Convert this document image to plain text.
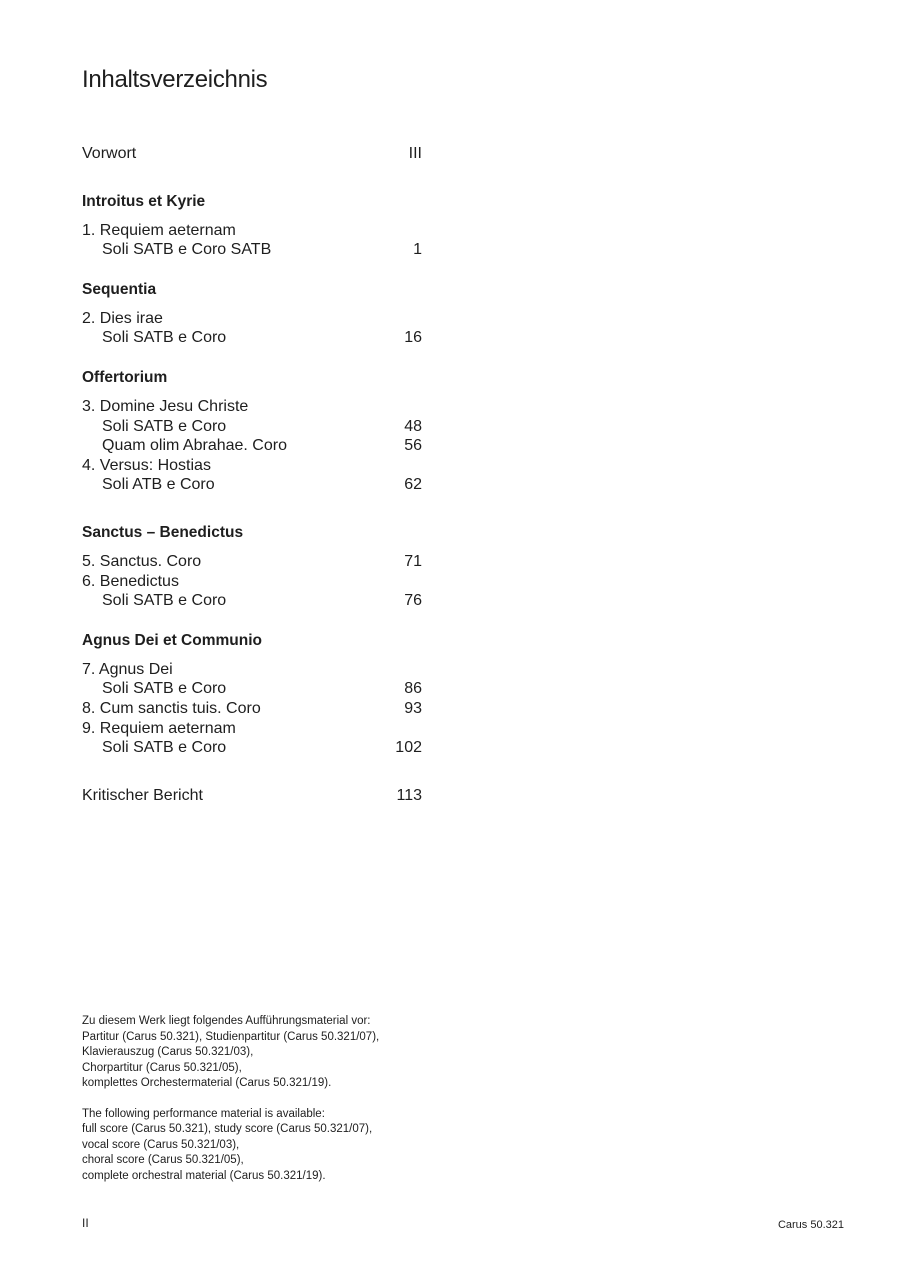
Inhaltsverzeichnis
Vorwort	III
Introitus et Kyrie
1. Requiem aeternam
Soli SATB e Coro SATB	1
Sequentia
2. Dies irae
Soli SATB e Coro	16
Offertorium
3. Domine Jesu Christe
Soli SATB e Coro	48
Quam olim Abrahae. Coro	56
4. Versus: Hostias
Soli ATB e Coro	62
Sanctus – Benedictus
5. Sanctus. Coro	71
6. Benedictus
Soli SATB e Coro	76
Agnus Dei et Communio
7. Agnus Dei
Soli SATB e Coro	86
8. Cum sanctis tuis. Coro	93
9. Requiem aeternam
Soli SATB e Coro	102
Kritischer Bericht	113

Zu diesem Werk liegt folgendes Aufführungsmaterial vor:

Partitur (Carus 50.321), Studienpartitur (Carus 50.321/07),

Klavierauszug (Carus 50.321/03),

Chorpartitur (Carus 50.321/05),

komplettes Orchestermaterial (Carus 50.321/19).

The following performance material is available:

full score (Carus 50.321), study score (Carus 50.321/07),

vocal score (Carus 50.321/03),

choral score (Carus 50.321/05),

complete orchestral material (Carus 50.321/19).

II	Carus 50.321
